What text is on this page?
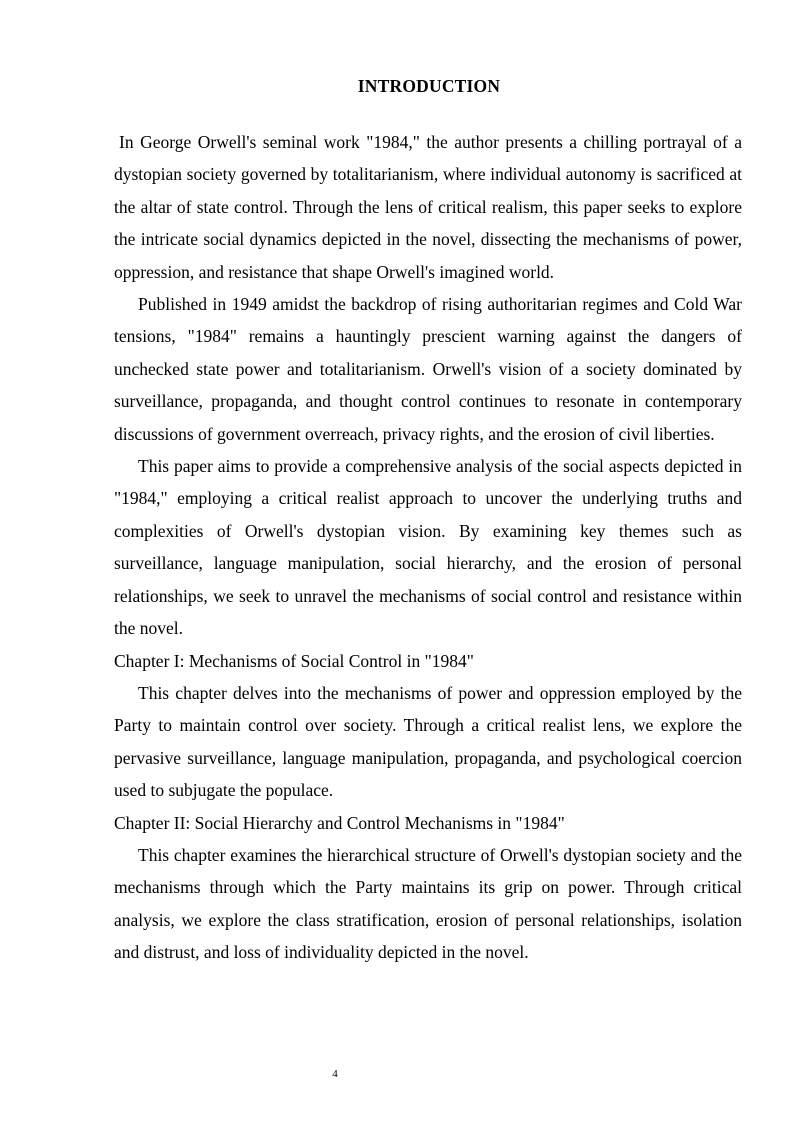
INTRODUCTION

In George Orwell's seminal work "1984," the author presents a chilling portrayal of a dystopian society governed by totalitarianism, where individual autonomy is sacrificed at the altar of state control. Through the lens of critical realism, this paper seeks to explore the intricate social dynamics depicted in the novel, dissecting the mechanisms of power, oppression, and resistance that shape Orwell's imagined world.

Published in 1949 amidst the backdrop of rising authoritarian regimes and Cold War tensions, "1984" remains a hauntingly prescient warning against the dangers of unchecked state power and totalitarianism. Orwell's vision of a society dominated by surveillance, propaganda, and thought control continues to resonate in contemporary discussions of government overreach, privacy rights, and the erosion of civil liberties.

This paper aims to provide a comprehensive analysis of the social aspects depicted in "1984," employing a critical realist approach to uncover the underlying truths and complexities of Orwell's dystopian vision. By examining key themes such as surveillance, language manipulation, social hierarchy, and the erosion of personal relationships, we seek to unravel the mechanisms of social control and resistance within the novel.

Chapter I: Mechanisms of Social Control in "1984"

This chapter delves into the mechanisms of power and oppression employed by the Party to maintain control over society. Through a critical realist lens, we explore the pervasive surveillance, language manipulation, propaganda, and psychological coercion used to subjugate the populace.

Chapter II: Social Hierarchy and Control Mechanisms in "1984"

This chapter examines the hierarchical structure of Orwell's dystopian society and the mechanisms through which the Party maintains its grip on power. Through critical analysis, we explore the class stratification, erosion of personal relationships, isolation and distrust, and loss of individuality depicted in the novel.

4
